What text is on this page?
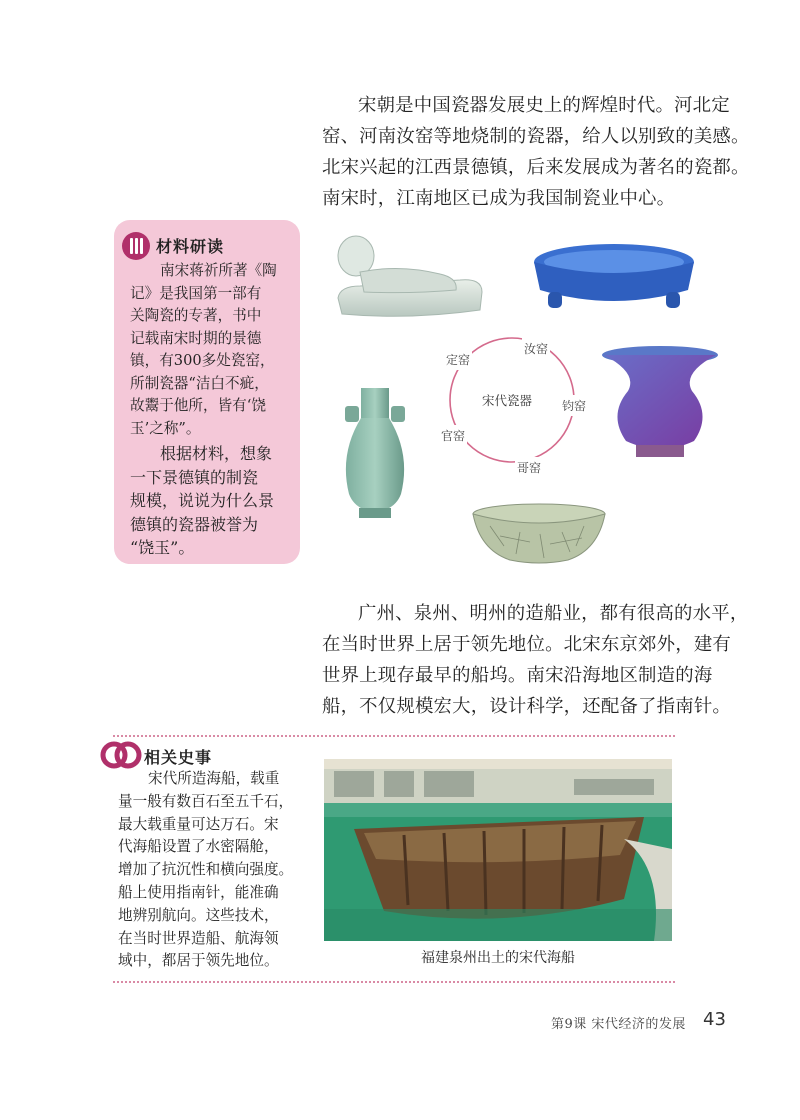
宋朝是中国瓷器发展史上的辉煌时代。河北定
窑、河南汝窑等地烧制的瓷器，给人以别致的美感。
北宋兴起的江西景德镇，后来发展成为著名的瓷都。
南宋时，江南地区已成为我国制瓷业中心。
材料研读
南宋蒋祈所著《陶
记》是我国第一部有
关陶瓷的专著，书中
记载南宋时期的景德
镇，有300多处瓷窑，
所制瓷器“洁白不疵，
故鬻于他所，皆有‘饶
玉’之称”。
根据材料，想象
一下景德镇的制瓷
规模，说说为什么景
德镇的瓷器被誉为
“饶玉”。
宋代瓷器
定窑
汝窑
钧窑
哥窑
官窑
广州、泉州、明州的造船业，都有很高的水平，
在当时世界上居于领先地位。北宋东京郊外，建有
世界上现存最早的船坞。南宋沿海地区制造的海
船，不仅规模宏大，设计科学，还配备了指南针。
相关史事
宋代所造海船，载重
量一般有数百石至五千石，
最大载重量可达万石。宋
代海船设置了水密隔舱，
增加了抗沉性和横向强度。
船上使用指南针，能准确
地辨别航向。这些技术，
在当时世界造船、航海领
域中，都居于领先地位。	福建泉州出土的宋代海船
第9课 宋代经济的发展 43
